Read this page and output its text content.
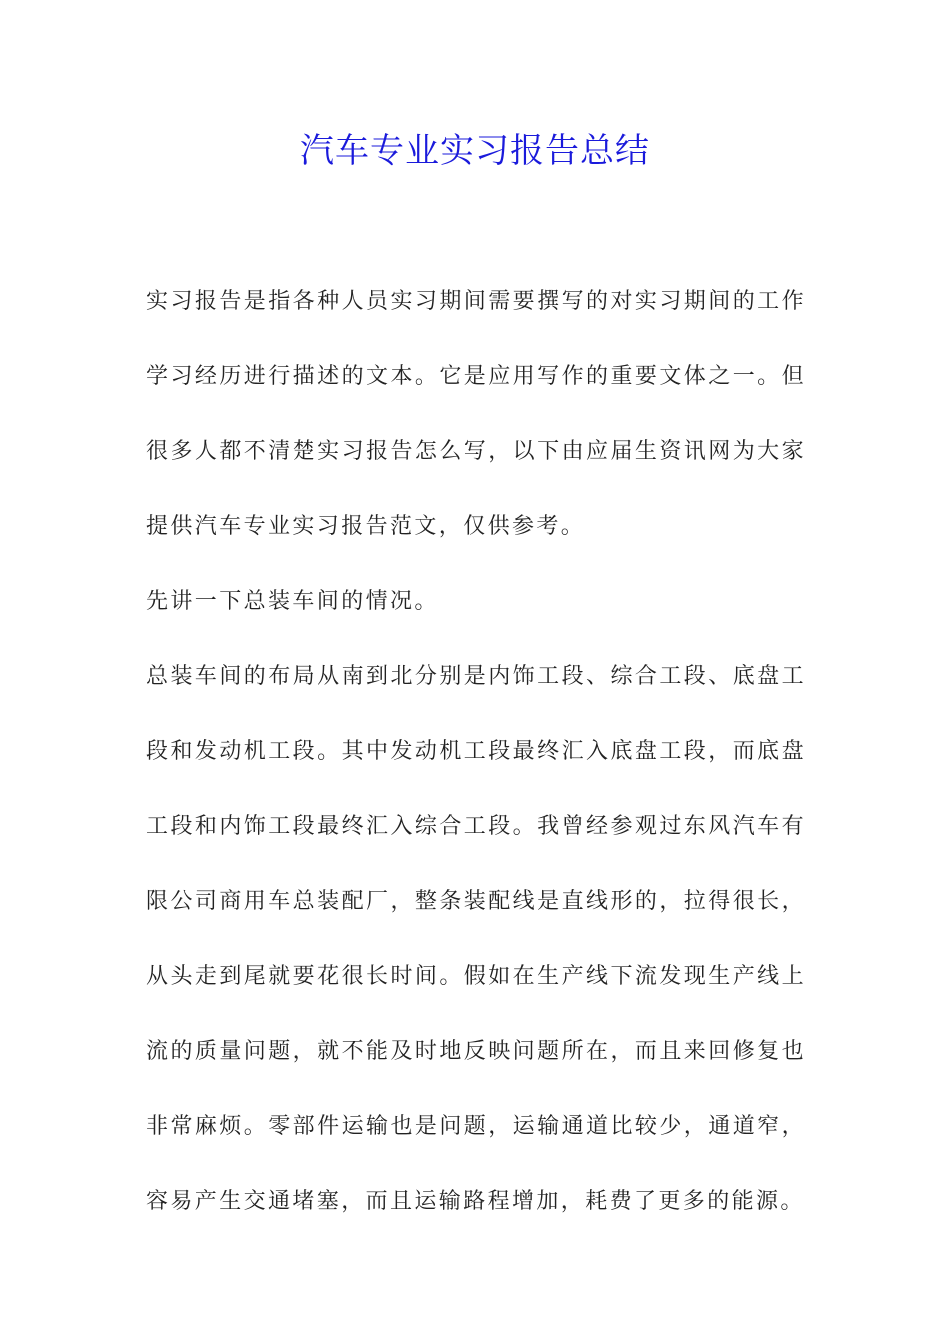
汽车专业实习报告总结

实习报告是指各种人员实习期间需要撰写的对实习期间的工作学习经历进行描述的文本。它是应用写作的重要文体之一。但很多人都不清楚实习报告怎么写，以下由应届生资讯网为大家提供汽车专业实习报告范文，仅供参考。

先讲一下总装车间的情况。

总装车间的布局从南到北分别是内饰工段、综合工段、底盘工段和发动机工段。其中发动机工段最终汇入底盘工段，而底盘工段和内饰工段最终汇入综合工段。我曾经参观过东风汽车有限公司商用车总装配厂，整条装配线是直线形的，拉得很长，从头走到尾就要花很长时间。假如在生产线下流发现生产线上流的质量问题，就不能及时地反映问题所在，而且来回修复也非常麻烦。零部件运输也是问题，运输通道比较少，通道窄，容易产生交通堵塞，而且运输路程增加，耗费了更多的能源。
